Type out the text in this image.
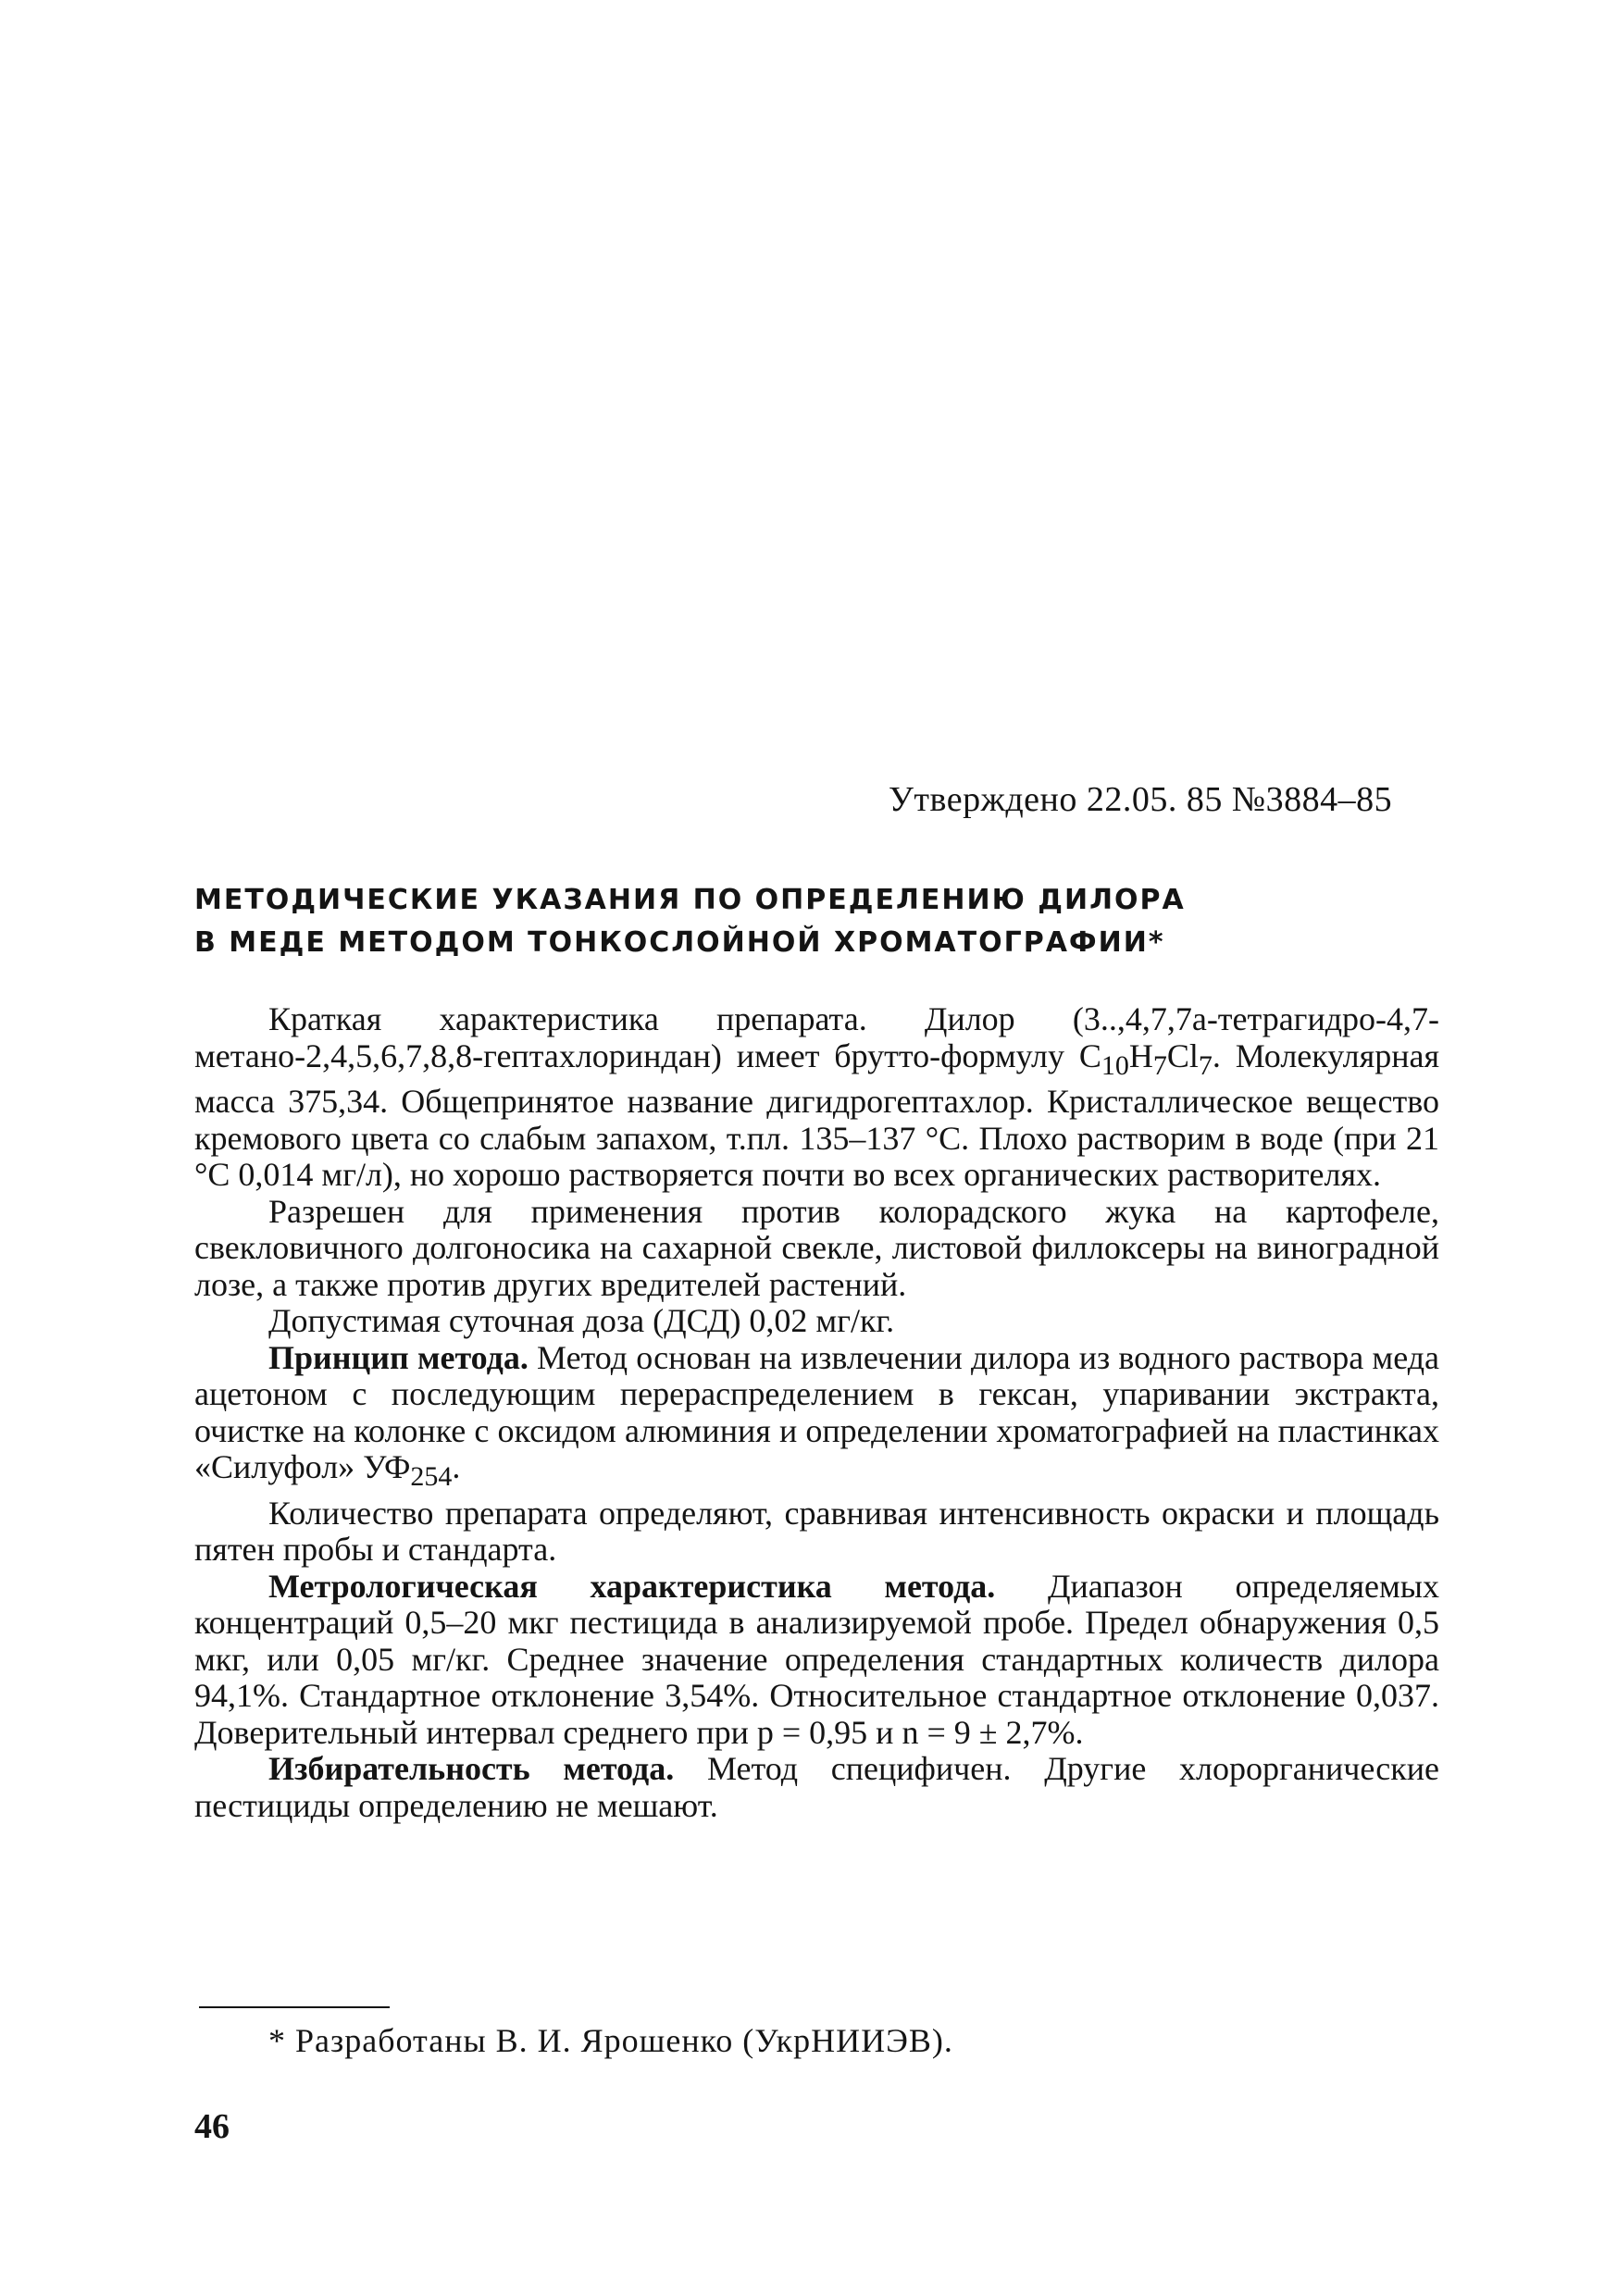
Утверждено 22.05. 85 №3884–85
МЕТОДИЧЕСКИЕ УКАЗАНИЯ ПО ОПРЕДЕЛЕНИЮ ДИЛОРА
В МЕДЕ МЕТОДОМ ТОНКОСЛОЙНОЙ ХРОМАТОГРАФИИ*

Краткая характеристика препарата. Дилор (3..,4,7,7а-тетрагидро-4,7-метано-2,4,5,6,7,8,8-гептахлориндан) имеет брутто-формулу $C_{10}H_7Cl_7$. Молекулярная масса 375,34. Общепринятое название дигидрогептахлор. Кристаллическое вещество кремового цвета со слабым запахом, т.пл. 135–137 °С. Плохо растворим в воде (при 21 °С 0,014 мг/л), но хорошо растворяется почти во всех органических растворителях.

Разрешен для применения против колорадского жука на картофеле, свекловичного долгоносика на сахарной свекле, листовой филлоксеры на виноградной лозе, а также против других вредителей растений.

Допустимая суточная доза (ДСД) 0,02 мг/кг.

Принцип метода. Метод основан на извлечении дилора из водного раствора меда ацетоном с последующим перераспределением в гексан, упаривании экстракта, очистке на колонке с оксидом алюминия и определении хроматографией на пластинках «Силуфол» $УФ_{254}$.

Количество препарата определяют, сравнивая интенсивность окраски и площадь пятен пробы и стандарта.

Метрологическая характеристика метода. Диапазон определяемых концентраций 0,5–20 мкг пестицида в анализируемой пробе. Предел обнаружения 0,5 мкг, или 0,05 мг/кг. Среднее значение определения стандартных количеств дилора 94,1%. Стандартное отклонение 3,54%. Относительное стандартное отклонение 0,037. Доверительный интервал среднего при p = 0,95 и n = 9 ± 2,7%.

Избирательность метода. Метод специфичен. Другие хлорорганические пестициды определению не мешают.

* Разработаны В. И. Ярошенко (УкрНИИЭВ).
46
